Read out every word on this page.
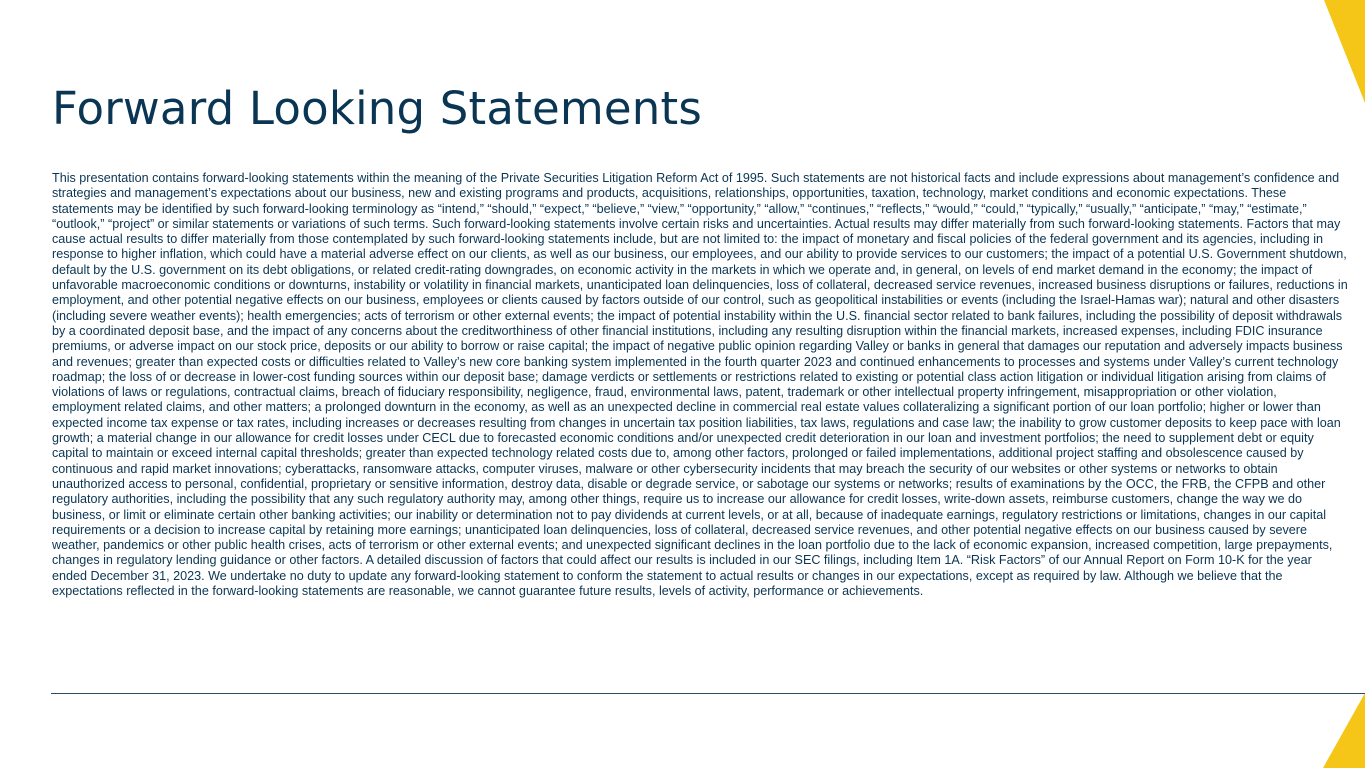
Forward Looking Statements

This presentation contains forward-looking statements within the meaning of the Private Securities Litigation Reform Act of 1995. Such statements are not historical facts and include expressions about management’s confidence and strategies and management’s expectations about our business, new and existing programs and products, acquisitions, relationships, opportunities, taxation, technology, market conditions and economic expectations. These statements may be identified by such forward-looking terminology as “intend,” “should,” “expect,” “believe,” “view,” “opportunity,” “allow,” “continues,” “reflects,” “would,” “could,” “typically,” “usually,” “anticipate,” “may,” “estimate,” “outlook,” “project” or similar statements or variations of such terms. Such forward-looking statements involve certain risks and uncertainties. Actual results may differ materially from such forward-looking statements. Factors that may cause actual results to differ materially from those contemplated by such forward-looking statements include, but are not limited to: the impact of monetary and fiscal policies of the federal government and its agencies, including in response to higher inflation, which could have a material adverse effect on our clients, as well as our business, our employees, and our ability to provide services to our customers; the impact of a potential U.S. Government shutdown, default by the U.S. government on its debt obligations, or related credit-rating downgrades, on economic activity in the markets in which we operate and, in general, on levels of end market demand in the economy; the impact of unfavorable macroeconomic conditions or downturns, instability or volatility in financial markets, unanticipated loan delinquencies, loss of collateral, decreased service revenues, increased business disruptions or failures, reductions in employment, and other potential negative effects on our business, employees or clients caused by factors outside of our control, such as geopolitical instabilities or events (including the Israel-Hamas war); natural and other disasters (including severe weather events); health emergencies; acts of terrorism or other external events; the impact of potential instability within the U.S. financial sector related to bank failures, including the possibility of deposit withdrawals by a coordinated deposit base, and the impact of any concerns about the creditworthiness of other financial institutions, including any resulting disruption within the financial markets, increased expenses, including FDIC insurance premiums, or adverse impact on our stock price, deposits or our ability to borrow or raise capital; the impact of negative public opinion regarding Valley or banks in general that damages our reputation and adversely impacts business and revenues; greater than expected costs or difficulties related to Valley’s new core banking system implemented in the fourth quarter 2023 and continued enhancements to processes and systems under Valley’s current technology roadmap; the loss of or decrease in lower-cost funding sources within our deposit base; damage verdicts or settlements or restrictions related to existing or potential class action litigation or individual litigation arising from claims of violations of laws or regulations, contractual claims, breach of fiduciary responsibility, negligence, fraud, environmental laws, patent, trademark or other intellectual property infringement, misappropriation or other violation, employment related claims, and other matters; a prolonged downturn in the economy, as well as an unexpected decline in commercial real estate values collateralizing a significant portion of our loan portfolio; higher or lower than expected income tax expense or tax rates, including increases or decreases resulting from changes in uncertain tax position liabilities, tax laws, regulations and case law; the inability to grow customer deposits to keep pace with loan growth; a material change in our allowance for credit losses under CECL due to forecasted economic conditions and/or unexpected credit deterioration in our loan and investment portfolios; the need to supplement debt or equity capital to maintain or exceed internal capital thresholds; greater than expected technology related costs due to, among other factors, prolonged or failed implementations, additional project staffing and obsolescence caused by continuous and rapid market innovations; cyberattacks, ransomware attacks, computer viruses, malware or other cybersecurity incidents that may breach the security of our websites or other systems or networks to obtain unauthorized access to personal, confidential, proprietary or sensitive information, destroy data, disable or degrade service, or sabotage our systems or networks; results of examinations by the OCC, the FRB, the CFPB and other regulatory authorities, including the possibility that any such regulatory authority may, among other things, require us to increase our allowance for credit losses, write-down assets, reimburse customers, change the way we do business, or limit or eliminate certain other banking activities; our inability or determination not to pay dividends at current levels, or at all, because of inadequate earnings, regulatory restrictions or limitations, changes in our capital requirements or a decision to increase capital by retaining more earnings; unanticipated loan delinquencies, loss of collateral, decreased service revenues, and other potential negative effects on our business caused by severe weather, pandemics or other public health crises, acts of terrorism or other external events; and unexpected significant declines in the loan portfolio due to the lack of economic expansion, increased competition, large prepayments, changes in regulatory lending guidance or other factors. A detailed discussion of factors that could affect our results is included in our SEC filings, including Item 1A. “Risk Factors” of our Annual Report on Form 10-K for the year ended December 31, 2023. We undertake no duty to update any forward-looking statement to conform the statement to actual results or changes in our expectations, except as required by law. Although we believe that the expectations reflected in the forward-looking statements are reasonable, we cannot guarantee future results, levels of activity, performance or achievements.
